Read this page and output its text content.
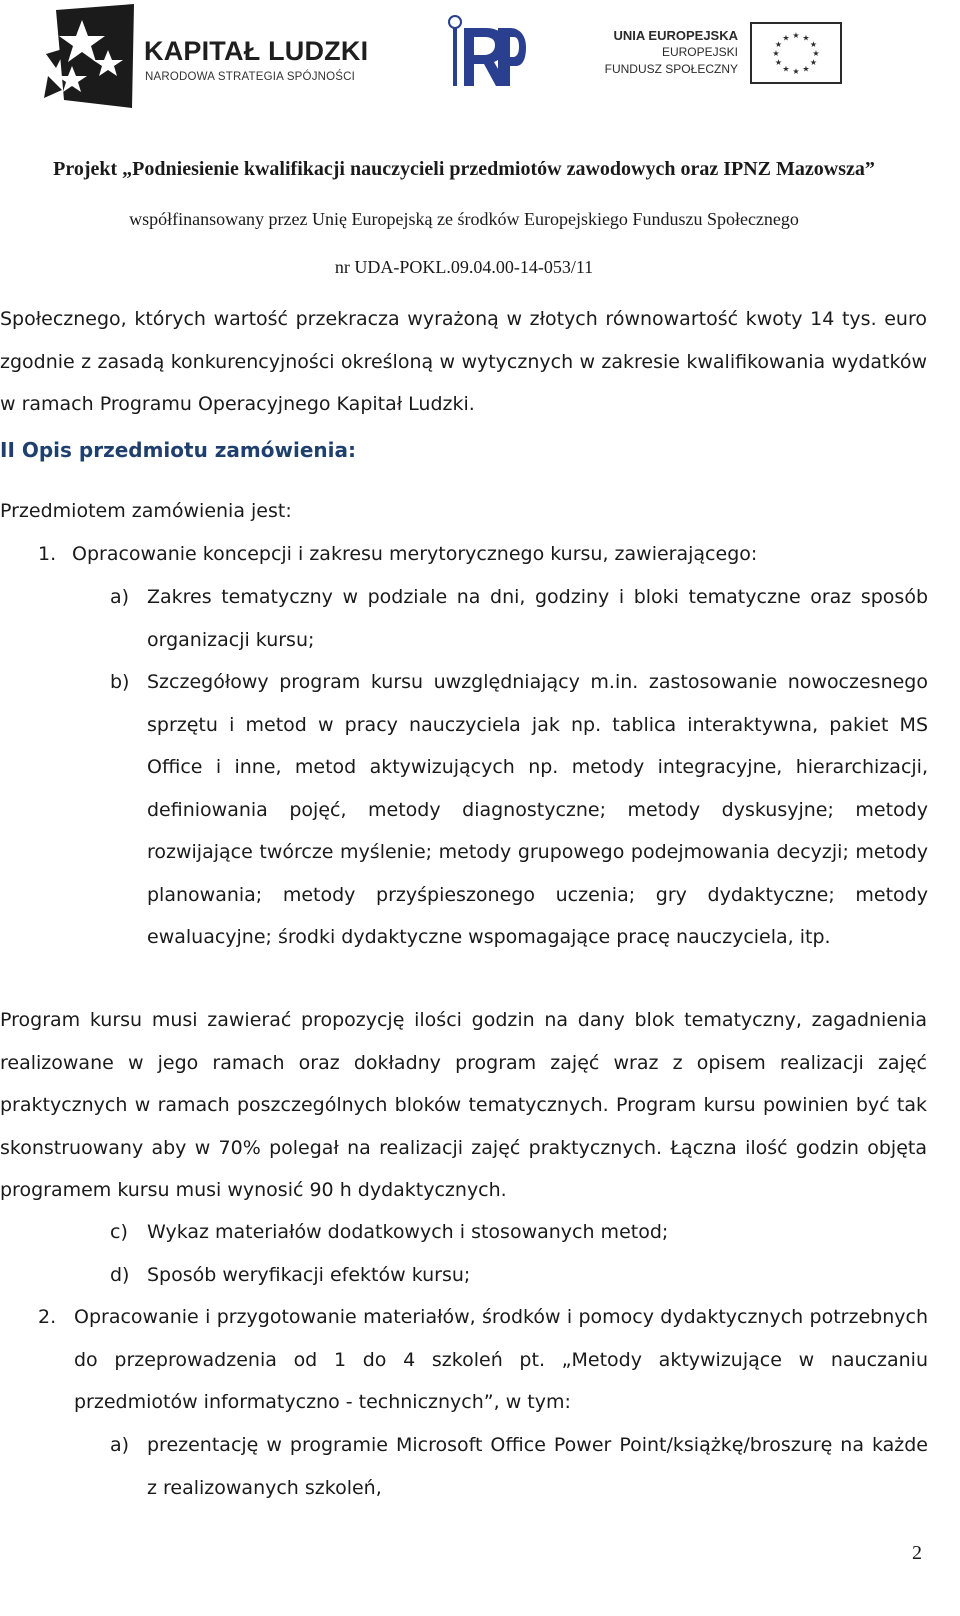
KAPITAŁ LUDZKI
NARODOWA STRATEGIA SPÓJNOŚCI
UNIA EUROPEJSKA
EUROPEJSKI
FUNDUSZ SPOŁECZNY
★ ★
★
★
★
★
★
★
★
★
★
★
Projekt „Podniesienie kwalifikacji nauczycieli przedmiotów zawodowych oraz IPNZ Mazowsza”
współfinansowany przez Unię Europejską ze środków Europejskiego Funduszu Społecznego
nr UDA-POKL.09.04.00-14-053/11

Społecznego, których wartość przekracza wyrażoną w złotych równowartość kwoty 14 tys. euro zgodnie z zasadą konkurencyjności określoną w wytycznych w zakresie kwalifikowania wydatków w ramach Programu Operacyjnego Kapitał Ludzki.

II Opis przedmiotu zamówienia:
Przedmiotem zamówienia jest:
1. Opracowanie koncepcji i zakresu merytorycznego kursu, zawierającego:
a) Zakres tematyczny w podziale na dni, godziny i bloki tematyczne oraz sposób organizacji kursu;
b) Szczegółowy program kursu uwzględniający m.in. zastosowanie nowoczesnego sprzętu i metod w pracy nauczyciela jak np. tablica interaktywna, pakiet MS Office i inne, metod aktywizujących np. metody integracyjne, hierarchizacji, definiowania pojęć, metody diagnostyczne; metody dyskusyjne; metody rozwijające twórcze myślenie; metody grupowego podejmowania decyzji; metody planowania; metody przyśpieszonego uczenia; gry dydaktyczne; metody ewaluacyjne; środki dydaktyczne wspomagające pracę nauczyciela, itp.

Program kursu musi zawierać propozycję ilości godzin na dany blok tematyczny, zagadnienia realizowane w jego ramach oraz dokładny program zajęć wraz z opisem realizacji zajęć praktycznych w ramach poszczególnych bloków tematycznych. Program kursu powinien być tak skonstruowany aby w 70% polegał na realizacji zajęć praktycznych. Łączna ilość godzin objęta programem kursu musi wynosić 90 h dydaktycznych.

c) Wykaz materiałów dodatkowych i stosowanych metod;
d) Sposób weryfikacji efektów kursu;
2. Opracowanie i przygotowanie materiałów, środków i pomocy dydaktycznych potrzebnych do przeprowadzenia od 1 do 4 szkoleń pt. „Metody aktywizujące w nauczaniu przedmiotów informatyczno - technicznych”, w tym:
a) prezentację w programie Microsoft Office Power Point/książkę/broszurę na każde z realizowanych szkoleń,
2
